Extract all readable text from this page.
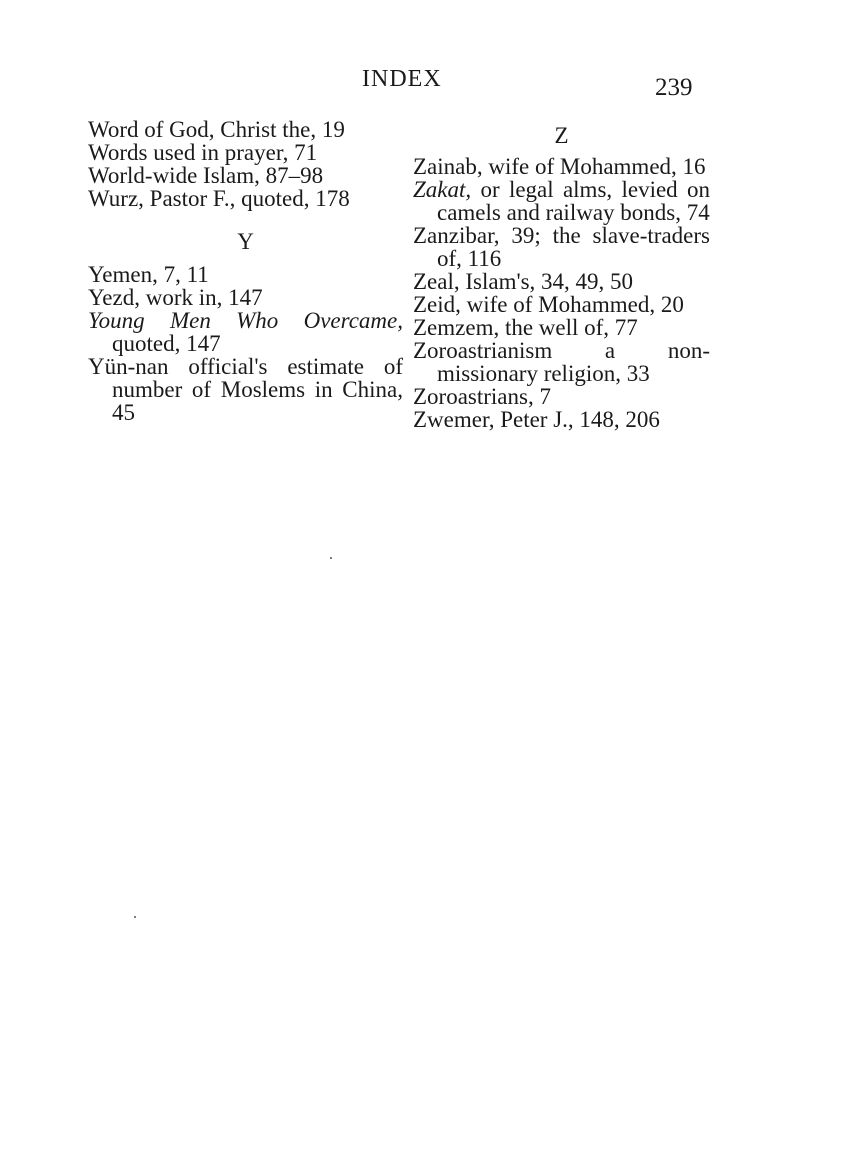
INDEX	239
Word of God, Christ the, 19
Words used in prayer, 71
World-wide Islam, 87–98
Wurz, Pastor F., quoted, 178
Y
Yemen, 7, 11
Yezd, work in, 147
Young Men Who Overcame, quoted, 147
Yün-nan official's estimate of number of Moslems in China, 45
Z
Zainab, wife of Mohammed, 16
Zakat, or legal alms, levied on camels and railway bonds, 74
Zanzibar, 39; the slave-traders of, 116
Zeal, Islam's, 34, 49, 50
Zeid, wife of Mohammed, 20
Zemzem, the well of, 77
Zoroastrianism a non-missionary religion, 33
Zoroastrians, 7
Zwemer, Peter J., 148, 206
